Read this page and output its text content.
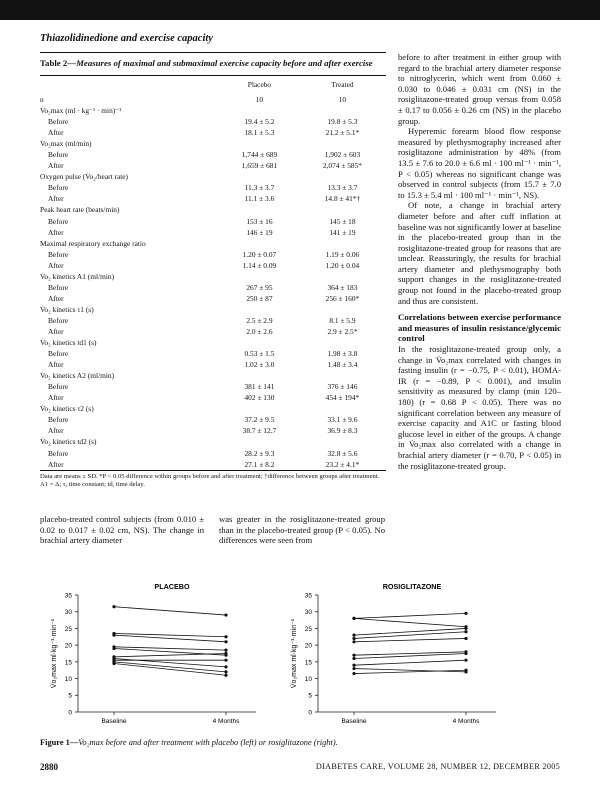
Thiazolidinedione and exercise capacity
Table 2—Measures of maximal and submaximal exercise capacity before and after exercise
	Placebo	Treated
n	10	10
V̇o₂max (ml · kg⁻¹ · min)⁻¹		
Before	19.4 ± 5.2	19.8 ± 5.3
After	18.1 ± 5.3	21.2 ± 5.1*
V̇o₂max (ml/min)		
Before	1,744 ± 689	1,902 ± 603
After	1,659 ± 681	2,074 ± 585*
Oxygen pulse (V̇o₂/heart rate)		
Before	11.3 ± 3.7	13.3 ± 3.7
After	11.1 ± 3.6	14.8 ± 41*†
Peak heart rate (beats/min)		
Before	153 ± 16	145 ± 18
After	146 ± 19	141 ± 19
Maximal respiratory exchange ratio		
Before	1.20 ± 0.07	1.19 ± 0.06
After	1.14 ± 0.09	1.20 ± 0.04
V̇o₂ kinetics A1 (ml/min)		
Before	267 ± 95	364 ± 183
After	250 ± 87	256 ± 160*
V̇o₂ kinetics τ1 (s)		
Before	2.5 ± 2.9	8.1 ± 5.9
After	2.0 ± 2.6	2.9 ± 2.5*
V̇o₂ kinetics td1 (s)		
Before	0.53 ± 1.5	1.98 ± 3.8
After	1.02 ± 3.0	1.48 ± 3.4
V̇o₂ kinetics A2 (ml/min)		
Before	381 ± 141	376 ± 146
After	402 ± 130	454 ± 194*
V̇o₂ kinetics τ2 (s)		
Before	37.2 ± 9.5	33.1 ± 9.6
After	38.7 ± 12.7	36.9 ± 8.3
V̇o₂ kinetics td2 (s)		
Before	28.2 ± 9.3	32.8 ± 5.6
After	27.1 ± 8.2	23.2 ± 4.1*
Data are means ± SD. *P < 0.05 difference within groups before and after treatment; †difference between groups after treatment. A1 = Δ; τ, time constant; td, time delay.
placebo-treated control subjects (from 0.010 ± 0.02 to 0.017 ± 0.02 cm, NS). The change in brachial artery diameter
was greater in the rosiglitazone-treated group than in the placebo-treated group (P < 0.05). No differences were seen from

before to after treatment in either group with regard to the brachial artery diameter response to nitroglycerin, which went from 0.060 ± 0.030 to 0.046 ± 0.031 cm (NS) in the rosiglitazone-treated group versus from 0.058 ± 0.17 to 0.056 ± 0.26 cm (NS) in the placebo group.

Hyperemic forearm blood flow response measured by plethysmography increased after rosiglitazone administration by 48% (from 13.5 ± 7.6 to 20.0 ± 6.6 ml · 100 ml⁻¹ · min⁻¹, P < 0.05) whereas no significant change was observed in control subjects (from 15.7 ± 7.0 to 15.3 ± 5.4 ml · 100 ml⁻¹ · min⁻¹, NS).

Of note, a change in brachial artery diameter before and after cuff inflation at baseline was not significantly lower at baseline in the placebo-treated group than in the rosiglitazone-treated group for reasons that are unclear. Reassuringly, the results for brachial artery diameter and plethysmography both support changes in the rosiglitazone-treated group not found in the placebo-treated group and thus are consistent.

Correlations between exercise performance and measures of insulin resistance/glycemic control

In the rosiglitazone-treated group only, a change in V̇o₂max correlated with changes in fasting insulin (r = −0.75, P < 0.01), HOMA-IR (r = −0.89, P < 0.001), and insulin sensitivity as measured by clamp (min 120–180) (r = 0.68 P < 0.05). There was no significant correlation between any measure of exercise capacity and A1C or fasting blood glucose level in either of the groups. A change in V̇o₂max also correlated with a change in brachial artery diameter (r = 0.70, P < 0.05) in the rosiglitazone-treated group.

PLACEBO
0
5
10
15
20
25
30
35
V̇o₂max ml·kg⁻¹·min⁻¹
Baseline	4 Months
ROSIGLITAZONE
0
5
10
15
20
25
30
35
V̇o₂max ml·kg⁻¹·min⁻¹
Baseline	4 Months
Figure 1—V̇o₂max before and after treatment with placebo (left) or rosiglitazone (right).
2880	DIABETES CARE, VOLUME 28, NUMBER 12, DECEMBER 2005
